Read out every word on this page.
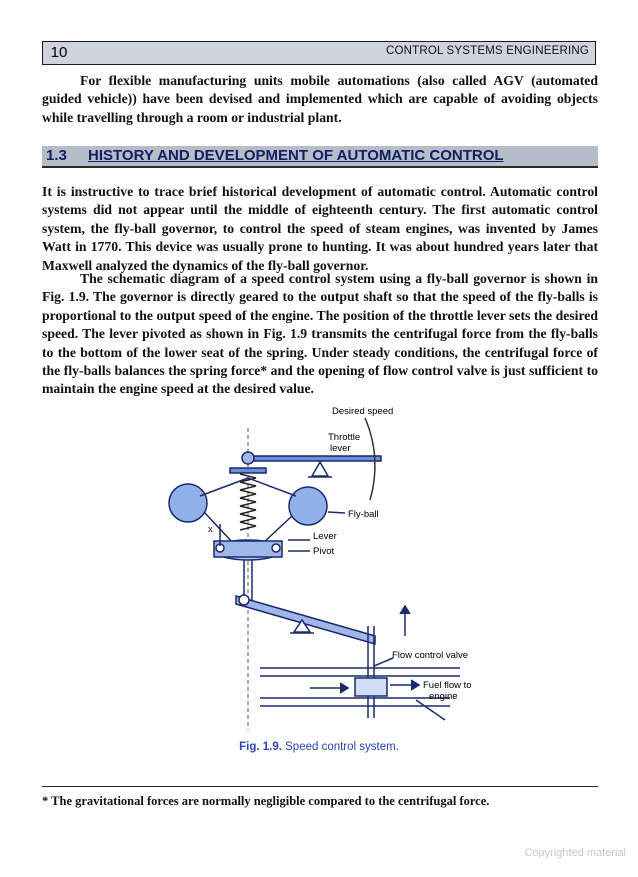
10	CONTROL SYSTEMS ENGINEERING

For flexible manufacturing units mobile automations (also called AGV (automated guided vehicle)) have been devised and implemented which are capable of avoiding objects while travelling through a room or industrial plant.

1.3 HISTORY AND DEVELOPMENT OF AUTOMATIC CONTROL

It is instructive to trace brief historical development of automatic control. Automatic control systems did not appear until the middle of eighteenth century. The first automatic control system, the fly-ball governor, to control the speed of steam engines, was invented by James Watt in 1770. This device was usually prone to hunting. It was about hundred years later that Maxwell analyzed the dynamics of the fly-ball governor.

The schematic diagram of a speed control system using a fly-ball governor is shown in Fig. 1.9. The governor is directly geared to the output shaft so that the speed of the fly-balls is proportional to the output speed of the engine. The position of the throttle lever sets the desired speed. The lever pivoted as shown in Fig. 1.9 transmits the centrifugal force from the fly-balls to the bottom of the lower seat of the spring. Under steady conditions, the centrifugal force of the fly-balls balances the spring force* and the opening of flow control valve is just sufficient to maintain the engine speed at the desired value.

Desired speed
Throttle
lever
Fly-ball
Lever
Pivot
x
Flow control valve
Fuel flow to
engine
Fig. 1.9. Speed control system.

* The gravitational forces are normally negligible compared to the centrifugal force.

Copyrighted material
